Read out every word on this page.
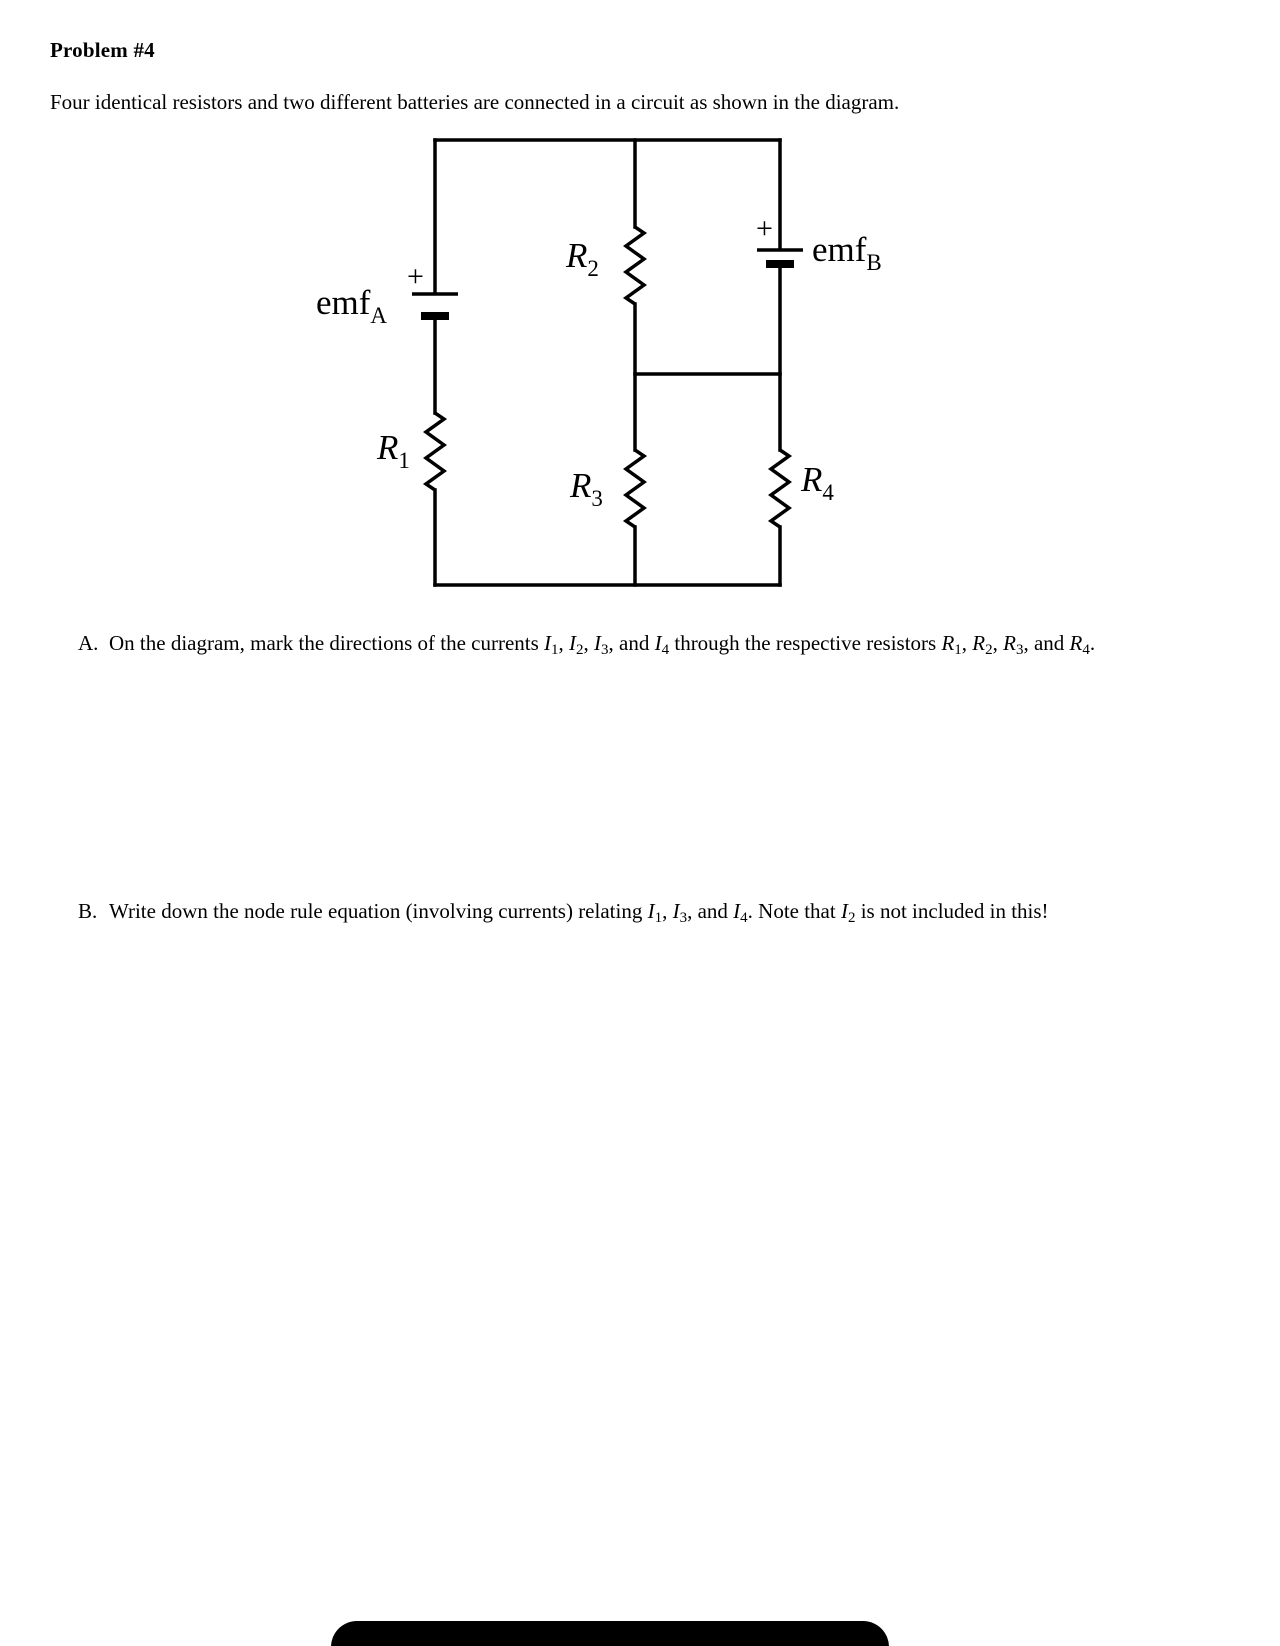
Problem #4
Four identical resistors and two different batteries are connected in a circuit as shown in the diagram.
emf$_A$
+
$R_1$
$R_2$
$R_3$
+
emf$_B$
$R_4$
A. On the diagram, mark the directions of the currents $I_1$, $I_2$, $I_3$, and $I_4$ through the respective resistors $R_1$, $R_2$, $R_3$, and $R_4$.
B. Write down the node rule equation (involving currents) relating $I_1$, $I_3$, and $I_4$. Note that $I_2$ is not included in this!
